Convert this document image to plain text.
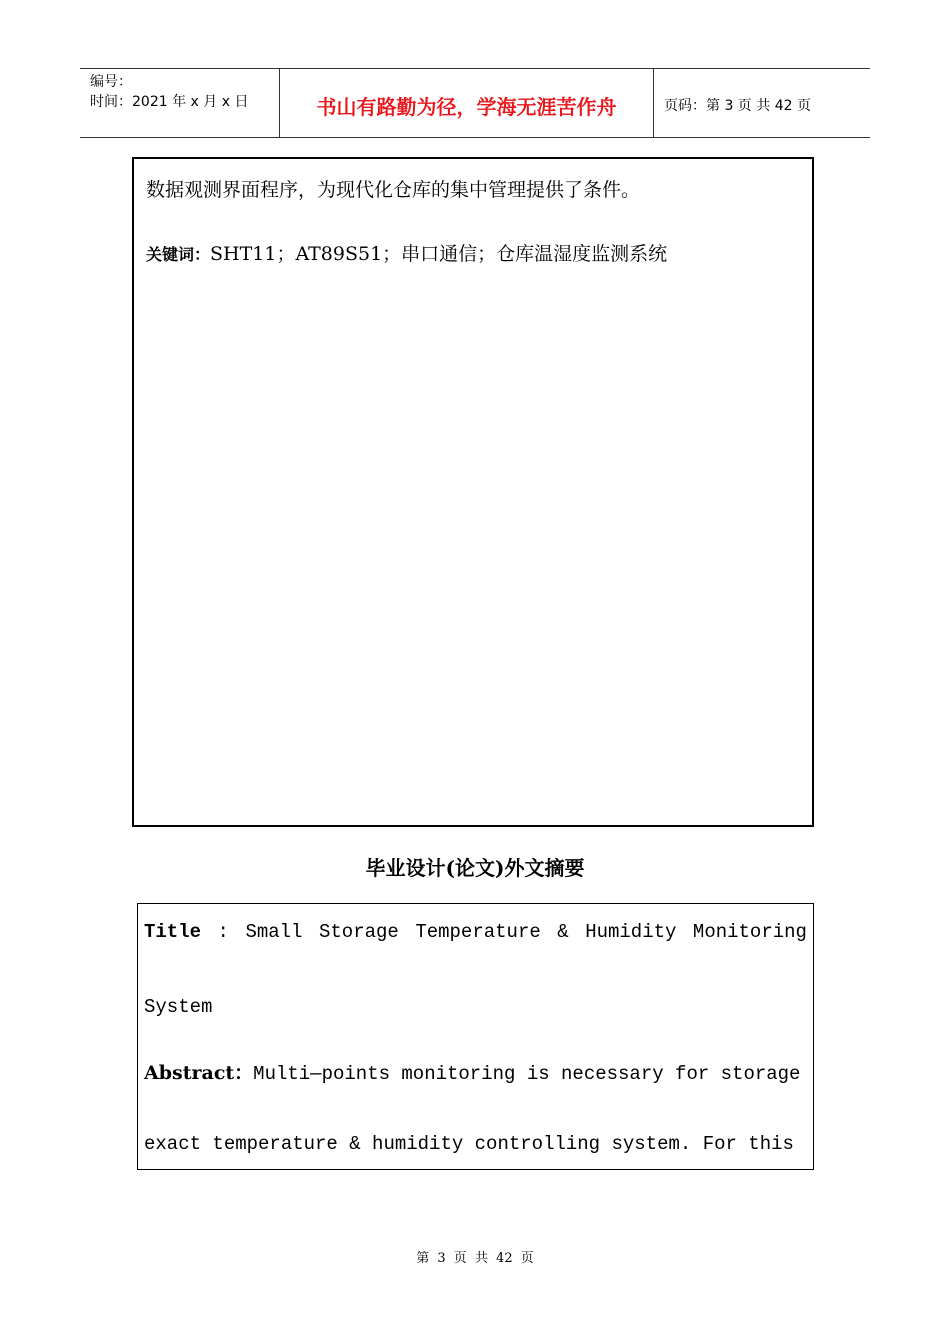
编号：
时间：2021 年 x 月 x 日	书山有路勤为径，学海无涯苦作舟	页码：第 3 页 共 42 页
数据观测界面程序，为现代化仓库的集中管理提供了条件。
关键词：SHT11；AT89S51；串口通信；仓库温湿度监测系统
毕业设计(论文)外文摘要
Title : Small Storage Temperature & Humidity Monitoring
System
Abstract：Multi—points monitoring is necessary for storage
exact temperature & humidity controlling system. For this
第 3 页 共 42 页
